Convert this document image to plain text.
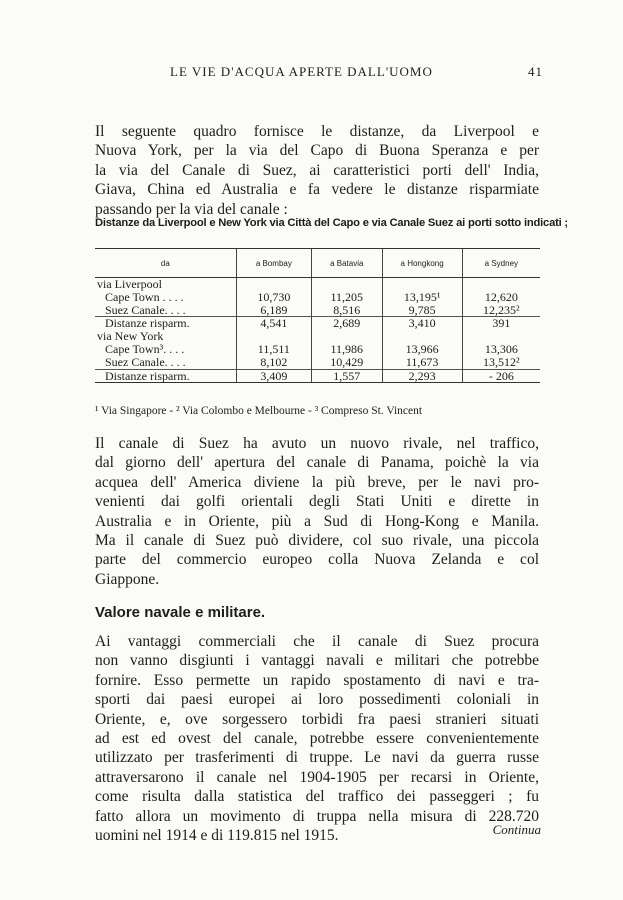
LE VIE D'ACQUA APERTE DALL'UOMO	41
Il seguente quadro fornisce le distanze, da Liverpool e
Nuova York, per la via del Capo di Buona Speranza e per
la via del Canale di Suez, ai caratteristici porti dell' India,
Giava, China ed Australia e fa vedere le distanze risparmiate
passando per la via del canale :
Distanze da Liverpool e New York via Città del Capo e via Canale Suez ai porti sotto indicati ;
da	a Bombay	a Batavia	a Hongkong	a Sydney
via Liverpool				
Cape Town . . . .	10,730	11,205	13,195¹	12,620
Suez Canale. . . .	6,189	8,516	9,785	12,235²
Distanze risparm.	4,541	2,689	3,410	391
via New York				
Cape Town³. . . .	11,511	11,986	13,966	13,306
Suez Canale. . . .	8,102	10,429	11,673	13,512²
Distanze risparm.	3,409	1,557	2,293	- 206
¹ Via Singapore - ² Via Colombo e Melbourne - ³ Compreso St. Vincent
Il canale di Suez ha avuto un nuovo rivale, nel traffico,
dal giorno dell' apertura del canale di Panama, poichè la via
acquea dell' America diviene la più breve, per le navi pro-
venienti dai golfi orientali degli Stati Uniti e dirette in
Australia e in Oriente, più a Sud di Hong-Kong e Manila.
Ma il canale di Suez può dividere, col suo rivale, una piccola
parte del commercio europeo colla Nuova Zelanda e col
Giappone.
Valore navale e militare.
Ai vantaggi commerciali che il canale di Suez procura
non vanno disgiunti i vantaggi navali e militari che potrebbe
fornire. Esso permette un rapido spostamento di navi e tra-
sporti dai paesi europei ai loro possedimenti coloniali in
Oriente, e, ove sorgessero torbidi fra paesi stranieri situati
ad est ed ovest del canale, potrebbe essere convenientemente
utilizzato per trasferimenti di truppe. Le navi da guerra russe
attraversarono il canale nel 1904-1905 per recarsi in Oriente,
come risulta dalla statistica del traffico dei passeggeri ; fu
fatto allora un movimento di truppa nella misura di 228.720
uomini nel 1914 e di 119.815 nel 1915.	Continua
